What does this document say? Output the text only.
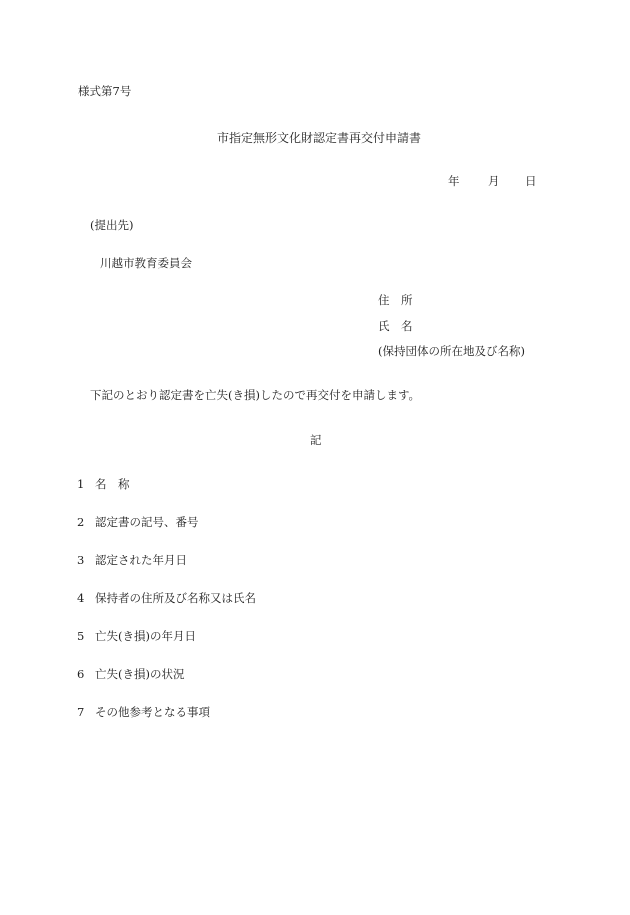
様式第7号
市指定無形文化財認定書再交付申請書
年	月	日
(提出先)
川越市教育委員会
住　所
氏　名
(保持団体の所在地及び名称)
下記のとおり認定書を亡失(き損)したので再交付を申請します。
記
1 名　称
2 認定書の記号、番号
3 認定された年月日
4 保持者の住所及び名称又は氏名
5 亡失(き損)の年月日
6 亡失(き損)の状況
7 その他参考となる事項
